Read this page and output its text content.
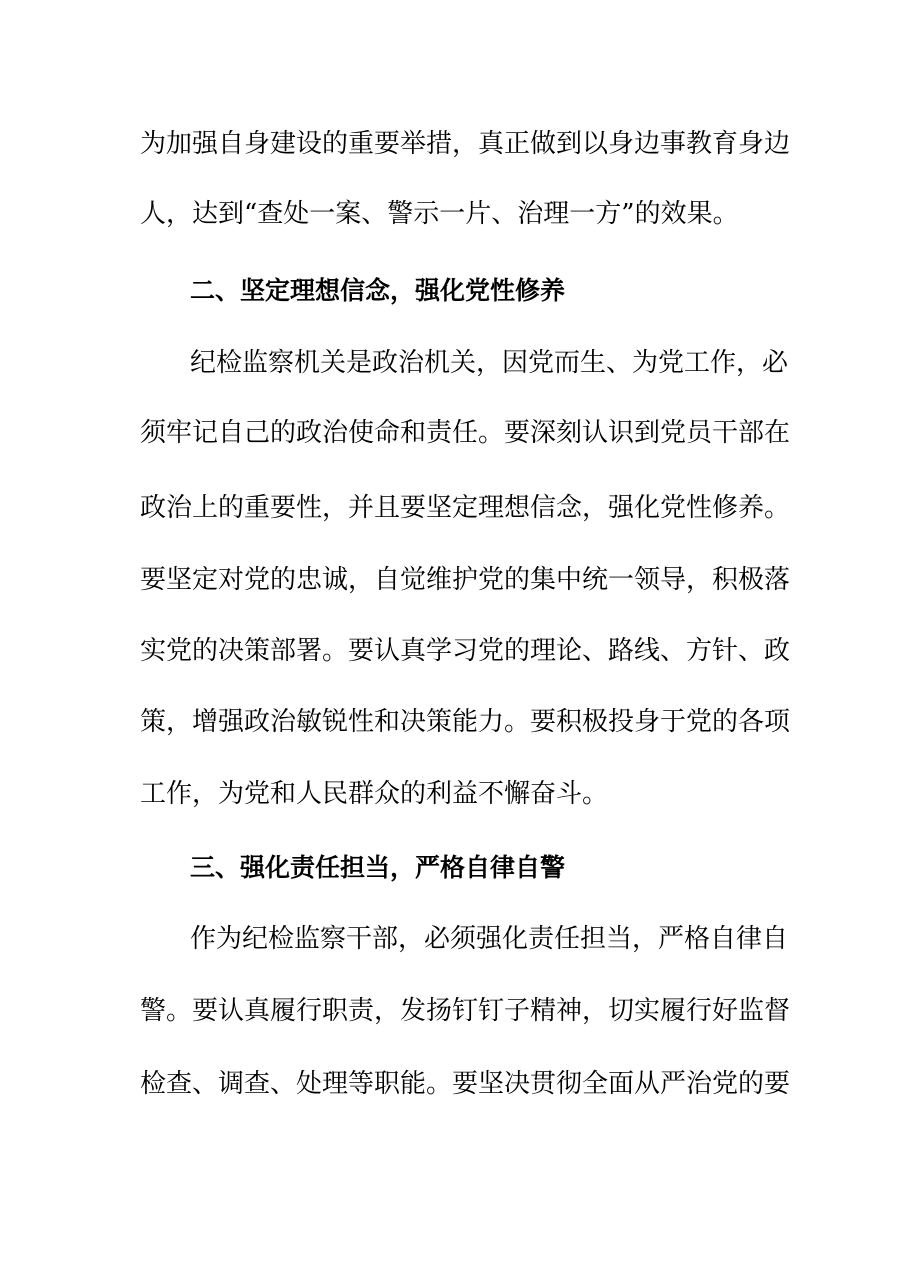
为加强自身建设的重要举措，真正做到以身边事教育身边
人，达到“查处一案、警示一片、治理一方”的效果。
二、坚定理想信念，强化党性修养
纪检监察机关是政治机关，因党而生、为党工作，必
须牢记自己的政治使命和责任。要深刻认识到党员干部在
政治上的重要性，并且要坚定理想信念，强化党性修养。
要坚定对党的忠诚，自觉维护党的集中统一领导，积极落
实党的决策部署。要认真学习党的理论、路线、方针、政
策，增强政治敏锐性和决策能力。要积极投身于党的各项
工作，为党和人民群众的利益不懈奋斗。
三、强化责任担当，严格自律自警
作为纪检监察干部，必须强化责任担当，严格自律自
警。要认真履行职责，发扬钉钉子精神，切实履行好监督
检查、调查、处理等职能。要坚决贯彻全面从严治党的要
